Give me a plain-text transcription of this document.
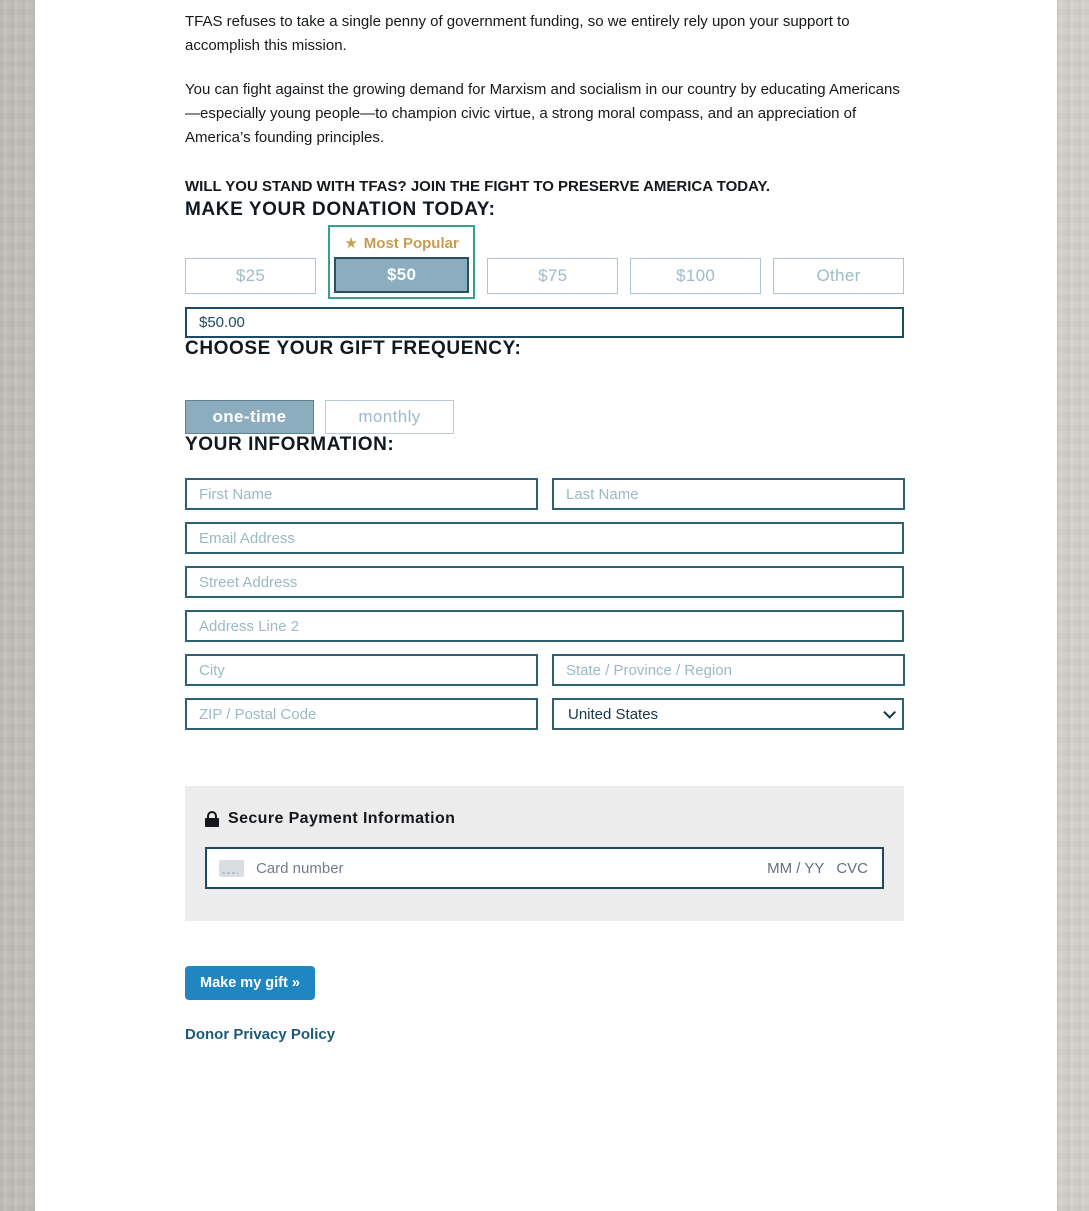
TFAS refuses to take a single penny of government funding, so we entirely rely upon your support to accomplish this mission.

You can fight against the growing demand for Marxism and socialism in our country by educating Americans—especially young people—to champion civic virtue, a strong moral compass, and an appreciation of America’s founding principles.

WILL YOU STAND WITH TFAS? JOIN THE FIGHT TO PRESERVE AMERICA TODAY.

MAKE YOUR DONATION TODAY:
$25
★ Most Popular
$50	$75	$100	Other
$50.00
CHOOSE YOUR GIFT FREQUENCY:
one-time	monthly
YOUR INFORMATION:
First Name
Last Name
Email Address
Street Address
Address Line 2
City
State / Province / Region
ZIP / Postal Code
United States
Secure Payment Information
Card number	MM / YY CVC
Make my gift »
Donor Privacy Policy
